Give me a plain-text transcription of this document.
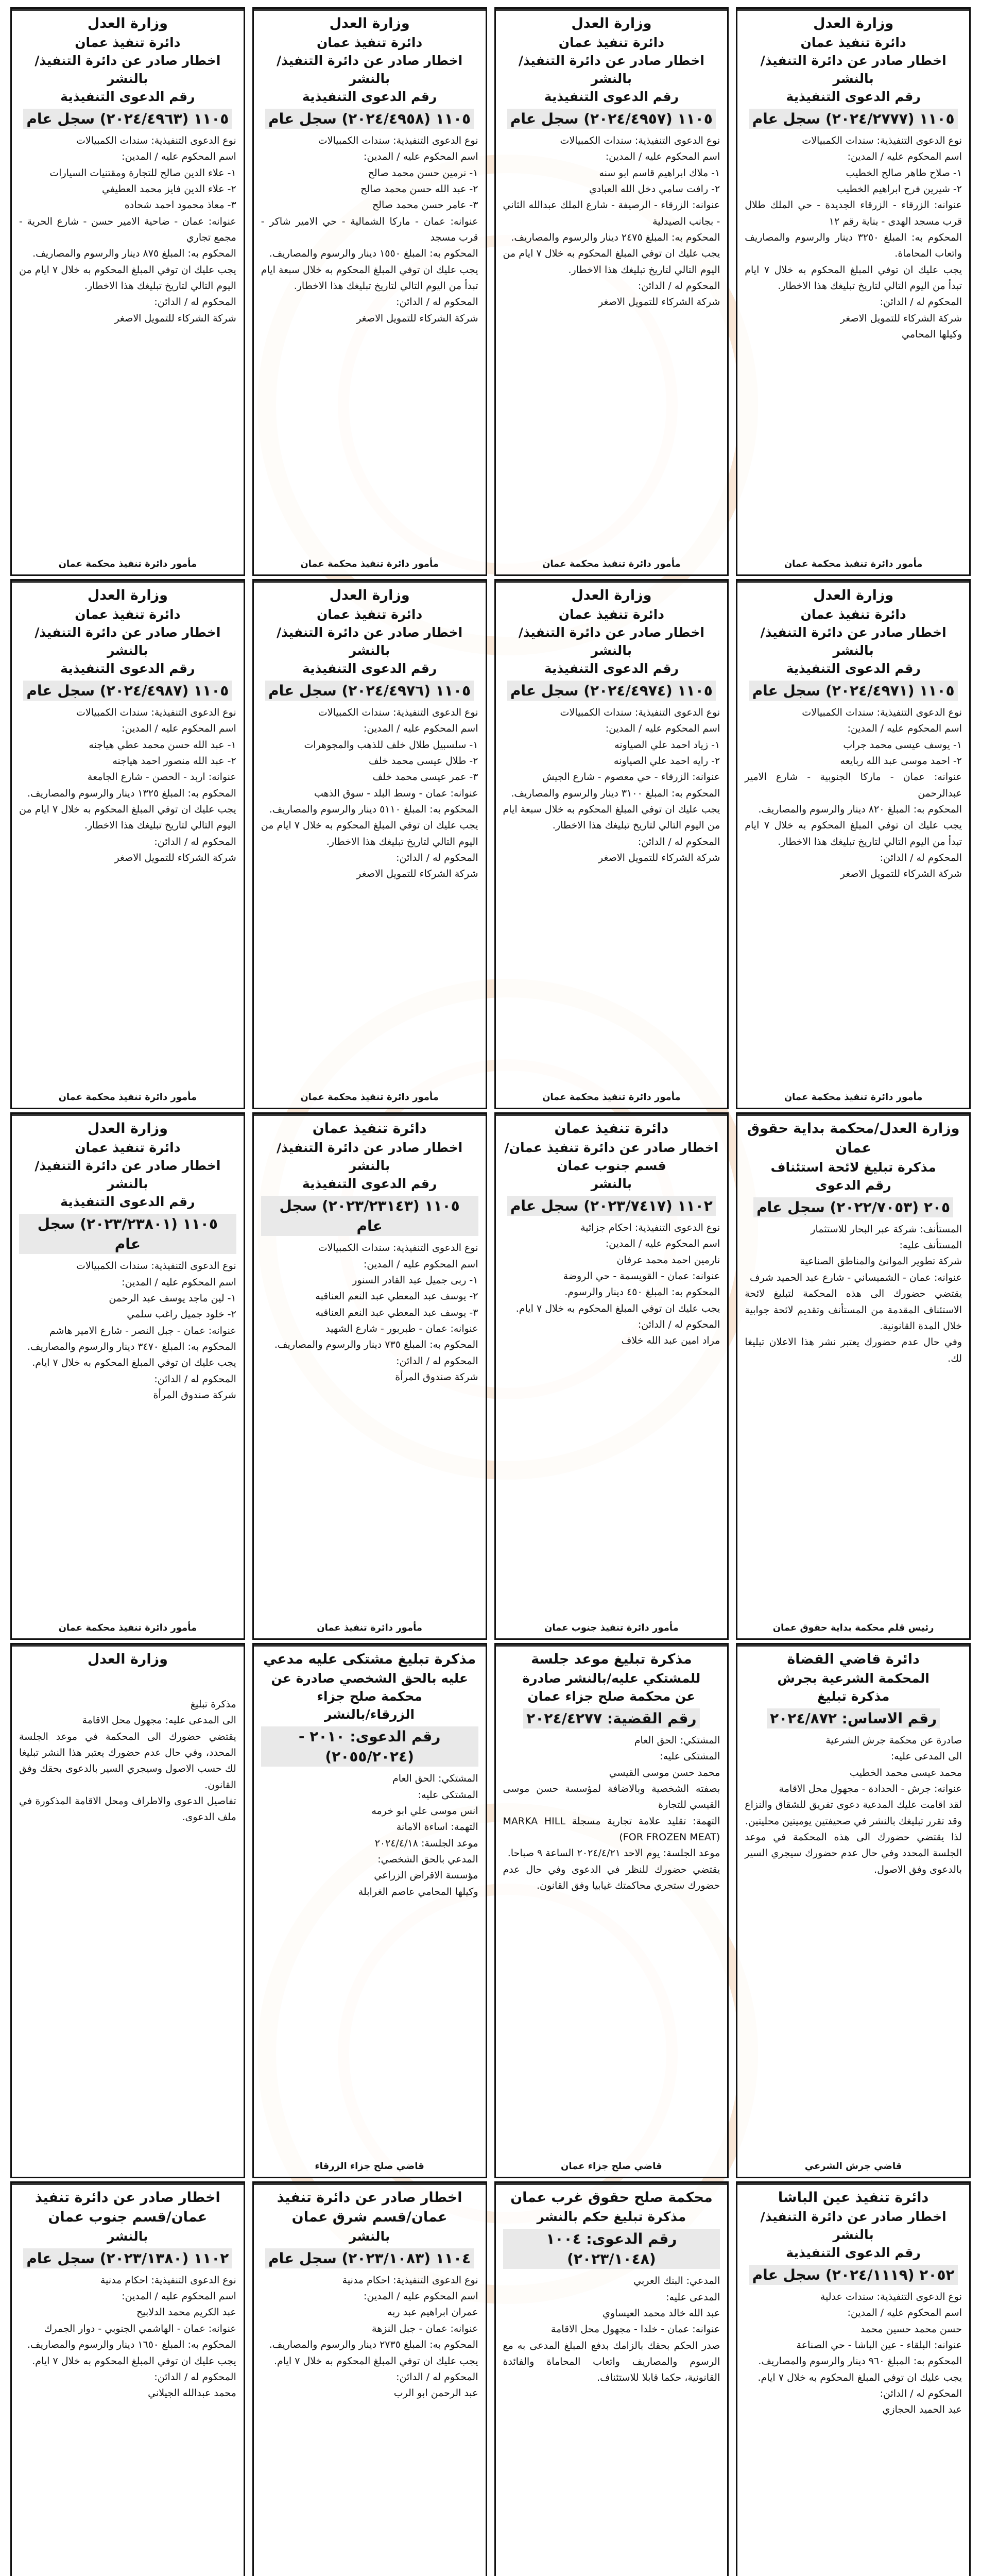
وزارة العدل
دائرة تنفيذ عمان
اخطار صادر عن دائرة التنفيذ/بالنشر
رقم الدعوى التنفيذية
١١٠٥ (٢٠٢٤/٢٧٧٧) سجل عام
نوع الدعوى التنفيذية: سندات الكمبيالات
اسم المحكوم عليه / المدين:
١- صلاح طاهر صالح الخطيب
٢- شيرين فرح ابراهيم الخطيب
عنوانه: الزرقاء - الزرقاء الجديدة - حي الملك طلال قرب مسجد الهدى - بناية رقم ١٢
المحكوم به: المبلغ ٣٢٥٠ دينار والرسوم والمصاريف واتعاب المحاماة.
يجب عليك ان توفي المبلغ المحكوم به خلال ٧ ايام تبدأ من اليوم التالي لتاريخ تبليغك هذا الاخطار.
المحكوم له / الدائن:
شركة الشركاء للتمويل الاصغر
وكيلها المحامي
مأمور دائرة تنفيذ محكمة عمان
وزارة العدل
دائرة تنفيذ عمان
اخطار صادر عن دائرة التنفيذ/بالنشر
رقم الدعوى التنفيذية
١١٠٥ (٢٠٢٤/٤٩٥٧) سجل عام
نوع الدعوى التنفيذية: سندات الكمبيالات
اسم المحكوم عليه / المدين:
١- ملاك ابراهيم قاسم ابو سنه
٢- رافت سامي دخل الله العبادي
عنوانه: الزرقاء - الرصيفة - شارع الملك عبدالله الثاني - بجانب الصيدلية
المحكوم به: المبلغ ٢٤٧٥ دينار والرسوم والمصاريف.
يجب عليك ان توفي المبلغ المحكوم به خلال ٧ ايام من اليوم التالي لتاريخ تبليغك هذا الاخطار.
المحكوم له / الدائن:
شركة الشركاء للتمويل الاصغر
مأمور دائرة تنفيذ محكمة عمان
وزارة العدل
دائرة تنفيذ عمان
اخطار صادر عن دائرة التنفيذ/بالنشر
رقم الدعوى التنفيذية
١١٠٥ (٢٠٢٤/٤٩٥٨) سجل عام
نوع الدعوى التنفيذية: سندات الكمبيالات
اسم المحكوم عليه / المدين:
١- نرمين حسن محمد صالح
٢- عبد الله حسن محمد صالح
٣- عامر حسن محمد صالح
عنوانه: عمان - ماركا الشمالية - حي الامير شاكر - قرب مسجد
المحكوم به: المبلغ ١٥٥٠ دينار والرسوم والمصاريف.
يجب عليك ان توفي المبلغ المحكوم به خلال سبعة ايام تبدأ من اليوم التالي لتاريخ تبليغك هذا الاخطار.
المحكوم له / الدائن:
شركة الشركاء للتمويل الاصغر
مأمور دائرة تنفيذ محكمة عمان
وزارة العدل
دائرة تنفيذ عمان
اخطار صادر عن دائرة التنفيذ/بالنشر
رقم الدعوى التنفيذية
١١٠٥ (٢٠٢٤/٤٩٦٣) سجل عام
نوع الدعوى التنفيذية: سندات الكمبيالات
اسم المحكوم عليه / المدين:
١- علاء الدين صالح للتجارة ومقتنيات السيارات
٢- علاء الدين فايز محمد العطيفي
٣- معاذ محمود احمد شحاده
عنوانه: عمان - ضاحية الامير حسن - شارع الحرية - مجمع تجاري
المحكوم به: المبلغ ٨٧٥ دينار والرسوم والمصاريف.
يجب عليك ان توفي المبلغ المحكوم به خلال ٧ ايام من اليوم التالي لتاريخ تبليغك هذا الاخطار.
المحكوم له / الدائن:
شركة الشركاء للتمويل الاصغر
مأمور دائرة تنفيذ محكمة عمان
وزارة العدل
دائرة تنفيذ عمان
اخطار صادر عن دائرة التنفيذ/بالنشر
رقم الدعوى التنفيذية
١١٠٥ (٢٠٢٤/٤٩٧١) سجل عام
نوع الدعوى التنفيذية: سندات الكمبيالات
اسم المحكوم عليه / المدين:
١- يوسف عيسى محمد جراب
٢- احمد موسى عبد الله ربايعه
عنوانه: عمان - ماركا الجنوبية - شارع الامير عبدالرحمن
المحكوم به: المبلغ ٨٢٠ دينار والرسوم والمصاريف.
يجب عليك ان توفي المبلغ المحكوم به خلال ٧ ايام تبدأ من اليوم التالي لتاريخ تبليغك هذا الاخطار.
المحكوم له / الدائن:
شركة الشركاء للتمويل الاصغر
مأمور دائرة تنفيذ محكمة عمان
وزارة العدل
دائرة تنفيذ عمان
اخطار صادر عن دائرة التنفيذ/بالنشر
رقم الدعوى التنفيذية
١١٠٥ (٢٠٢٤/٤٩٧٤) سجل عام
نوع الدعوى التنفيذية: سندات الكمبيالات
اسم المحكوم عليه / المدين:
١- زياد احمد علي الصياونه
٢- رايه احمد علي الصياونه
عنوانه: الزرقاء - حي معصوم - شارع الجيش
المحكوم به: المبلغ ٣١٠٠ دينار والرسوم والمصاريف.
يجب عليك ان توفي المبلغ المحكوم به خلال سبعة ايام من اليوم التالي لتاريخ تبليغك هذا الاخطار.
المحكوم له / الدائن:
شركة الشركاء للتمويل الاصغر
مأمور دائرة تنفيذ محكمة عمان
وزارة العدل
دائرة تنفيذ عمان
اخطار صادر عن دائرة التنفيذ/بالنشر
رقم الدعوى التنفيذية
١١٠٥ (٢٠٢٤/٤٩٧٦) سجل عام
نوع الدعوى التنفيذية: سندات الكمبيالات
اسم المحكوم عليه / المدين:
١- سلسبيل طلال خلف للذهب والمجوهرات
٢- طلال عيسى محمد خلف
٣- عمر عيسى محمد خلف
عنوانه: عمان - وسط البلد - سوق الذهب
المحكوم به: المبلغ ٥١١٠ دينار والرسوم والمصاريف.
يجب عليك ان توفي المبلغ المحكوم به خلال ٧ ايام من اليوم التالي لتاريخ تبليغك هذا الاخطار.
المحكوم له / الدائن:
شركة الشركاء للتمويل الاصغر
مأمور دائرة تنفيذ محكمة عمان
وزارة العدل
دائرة تنفيذ عمان
اخطار صادر عن دائرة التنفيذ/بالنشر
رقم الدعوى التنفيذية
١١٠٥ (٢٠٢٤/٤٩٨٧) سجل عام
نوع الدعوى التنفيذية: سندات الكمبيالات
اسم المحكوم عليه / المدين:
١- عبد الله حسن محمد عطي هياجنه
٢- عبد الله منصور احمد هياجنه
عنوانه: اربد - الحصن - شارع الجامعة
المحكوم به: المبلغ ١٣٢٥ دينار والرسوم والمصاريف.
يجب عليك ان توفي المبلغ المحكوم به خلال ٧ ايام من اليوم التالي لتاريخ تبليغك هذا الاخطار.
المحكوم له / الدائن:
شركة الشركاء للتمويل الاصغر
مأمور دائرة تنفيذ محكمة عمان
وزارة العدل/محكمة بداية حقوق عمان
مذكرة تبليغ لائحة استئناف
رقم الدعوى
٢٠٥ (٢٠٢٢/٧٠٥٣) سجل عام
المستأنف: شركة عبر البحار للاستثمار
المستأنف عليه:
شركة تطوير الموانئ والمناطق الصناعية
عنوانه: عمان - الشميساني - شارع عبد الحميد شرف
يقتضي حضورك الى هذه المحكمة لتبليغ لائحة الاستئناف المقدمة من المستأنف وتقديم لائحة جوابية خلال المدة القانونية.
وفي حال عدم حضورك يعتبر نشر هذا الاعلان تبليغا لك.
رئيس قلم محكمة بداية حقوق عمان
دائرة تنفيذ عمان
اخطار صادر عن دائرة تنفيذ عمان/قسم جنوب عمان
بالنشر
١١٠٢ (٢٠٢٣/٧٤١٧) سجل عام
نوع الدعوى التنفيذية: احكام جزائية
اسم المحكوم عليه / المدين:
نارمين احمد محمد عرفان
عنوانه: عمان - القويسمة - حي الروضة
المحكوم به: المبلغ ٤٥٠ دينار والرسوم.
يجب عليك ان توفي المبلغ المحكوم به خلال ٧ ايام.
المحكوم له / الدائن:
مراد امين عبد الله خلاف
مأمور دائرة تنفيذ جنوب عمان
دائرة تنفيذ عمان
اخطار صادر عن دائرة التنفيذ/بالنشر
رقم الدعوى التنفيذية
١١٠٥ (٢٠٢٣/٢٣١٤٣) سجل عام
نوع الدعوى التنفيذية: سندات الكمبيالات
اسم المحكوم عليه / المدين:
١- ربى جميل عبد القادر السنور
٢- يوسف عبد المعطي عبد النعم العناقبه
٣- يوسف عبد المعطي عبد النعم العناقبه
عنوانه: عمان - طبربور - شارع الشهيد
المحكوم به: المبلغ ٧٣٥ دينار والرسوم والمصاريف.
المحكوم له / الدائن:
شركة صندوق المرأة
مأمور دائرة تنفيذ عمان
وزارة العدل
دائرة تنفيذ عمان
اخطار صادر عن دائرة التنفيذ/بالنشر
رقم الدعوى التنفيذية
١١٠٥ (٢٠٢٣/٢٣٨٠١) سجل عام
نوع الدعوى التنفيذية: سندات الكمبيالات
اسم المحكوم عليه / المدين:
١- لين ماجد يوسف عبد الرحمن
٢- خلود جميل راغب سلمي
عنوانه: عمان - جبل النصر - شارع الامير هاشم
المحكوم به: المبلغ ٣٤٧٠ دينار والرسوم والمصاريف.
يجب عليك ان توفي المبلغ المحكوم به خلال ٧ ايام.
المحكوم له / الدائن:
شركة صندوق المرأة
مأمور دائرة تنفيذ محكمة عمان
دائرة قاضي القضاة
المحكمة الشرعية بجرش
مذكرة تبليغ
رقم الاساس: ٢٠٢٤/٨٧٢
صادرة عن محكمة جرش الشرعية
الى المدعى عليه:
محمد عيسى محمد الخطيب
عنوانه: جرش - الحدادة - مجهول محل الاقامة
لقد اقامت عليك المدعية دعوى تفريق للشقاق والنزاع وقد تقرر تبليغك بالنشر في صحيفتين يوميتين محليتين.
لذا يقتضي حضورك الى هذه المحكمة في موعد الجلسة المحدد وفي حال عدم حضورك سيجري السير بالدعوى وفق الاصول.
قاضي جرش الشرعي
مذكرة تبليغ موعد جلسة
للمشتكي عليه/بالنشر صادرة
عن محكمة صلح جزاء عمان
رقم القضية: ٢٠٢٤/٤٢٧٧
المشتكي: الحق العام
المشتكى عليه:
محمد حسن موسى القيسي
بصفته الشخصية وبالاضافة لمؤسسة حسن موسى القيسي للتجارة
التهمة: تقليد علامة تجارية مسجلة MARKA HILL (FOR FROZEN MEAT)
موعد الجلسة: يوم الاحد ٢٠٢٤/٤/٢١ الساعة ٩ صباحا.
يقتضي حضورك للنظر في الدعوى وفي حال عدم حضورك ستجري محاكمتك غيابيا وفق القانون.
قاضي صلح جزاء عمان
مذكرة تبليغ مشتكى عليه مدعي
عليه بالحق الشخصي صادرة عن
محكمة صلح جزاء
الزرقاء/بالنشر
رقم الدعوى: ٢٠١٠ - (٢٠٥٥/٢٠٢٤)
المشتكي: الحق العام
المشتكى عليه:
انس موسى علي ابو خرمه
التهمة: اساءة الامانة
موعد الجلسة: ٢٠٢٤/٤/١٨
المدعي بالحق الشخصي:
مؤسسة الاقراض الزراعي
وكيلها المحامي عاصم الغرابلة
قاضي صلح جزاء الزرقاء
وزارة العدل
مذكرة تبليغ
الى المدعى عليه: مجهول محل الاقامة
يقتضي حضورك الى المحكمة في موعد الجلسة المحدد، وفي حال عدم حضورك يعتبر هذا النشر تبليغا لك حسب الاصول وسيجري السير بالدعوى بحقك وفق القانون.
تفاصيل الدعوى والاطراف ومحل الاقامة المذكورة في ملف الدعوى.
دائرة تنفيذ عين الباشا
اخطار صادر عن دائرة التنفيذ/بالنشر
رقم الدعوى التنفيذية
٢٠٥٢ (٢٠٢٤/١١١٩) سجل عام
نوع الدعوى التنفيذية: سندات عدلية
اسم المحكوم عليه / المدين:
حسن محمد حسين محمد
عنوانه: البلقاء - عين الباشا - حي الصناعة
المحكوم به: المبلغ ٩٦٠ دينار والرسوم والمصاريف.
يجب عليك ان توفي المبلغ المحكوم به خلال ٧ ايام.
المحكوم له / الدائن:
عبد الحميد الحجازي
محكمة صلح حقوق غرب عمان
مذكرة تبليغ حكم بالنشر
رقم الدعوى: ١٠٠٤ (٢٠٢٣/١٠٤٨)
المدعي: البنك العربي
المدعى عليه:
عبد الله خالد محمد العيساوي
عنوانه: عمان - خلدا - مجهول محل الاقامة
صدر الحكم بحقك بالزامك بدفع المبلغ المدعى به مع الرسوم والمصاريف واتعاب المحاماة والفائدة القانونية، حكما قابلا للاستئناف.
اخطار صادر عن دائرة تنفيذ عمان/قسم شرق عمان
بالنشر
١١٠٤ (٢٠٢٣/١٠٨٣) سجل عام
نوع الدعوى التنفيذية: احكام مدنية
اسم المحكوم عليه / المدين:
عمران ابراهيم عبد ربه
عنوانه: عمان - جبل النزهة
المحكوم به: المبلغ ٢٧٣٥ دينار والرسوم والمصاريف.
يجب عليك ان توفي المبلغ المحكوم به خلال ٧ ايام.
المحكوم له / الدائن:
عبد الرحمن ابو الرب
اخطار صادر عن دائرة تنفيذ عمان/قسم جنوب عمان
بالنشر
١١٠٢ (٢٠٢٣/١٣٨٠) سجل عام
نوع الدعوى التنفيذية: احكام مدنية
اسم المحكوم عليه / المدين:
عبد الكريم محمد الدلابيح
عنوانه: عمان - الهاشمي الجنوبي - دوار الجمرك
المحكوم به: المبلغ ١٦٥٠ دينار والرسوم والمصاريف.
يجب عليك ان توفي المبلغ المحكوم به خلال ٧ ايام.
المحكوم له / الدائن:
محمد عبدالله الجيلاني
